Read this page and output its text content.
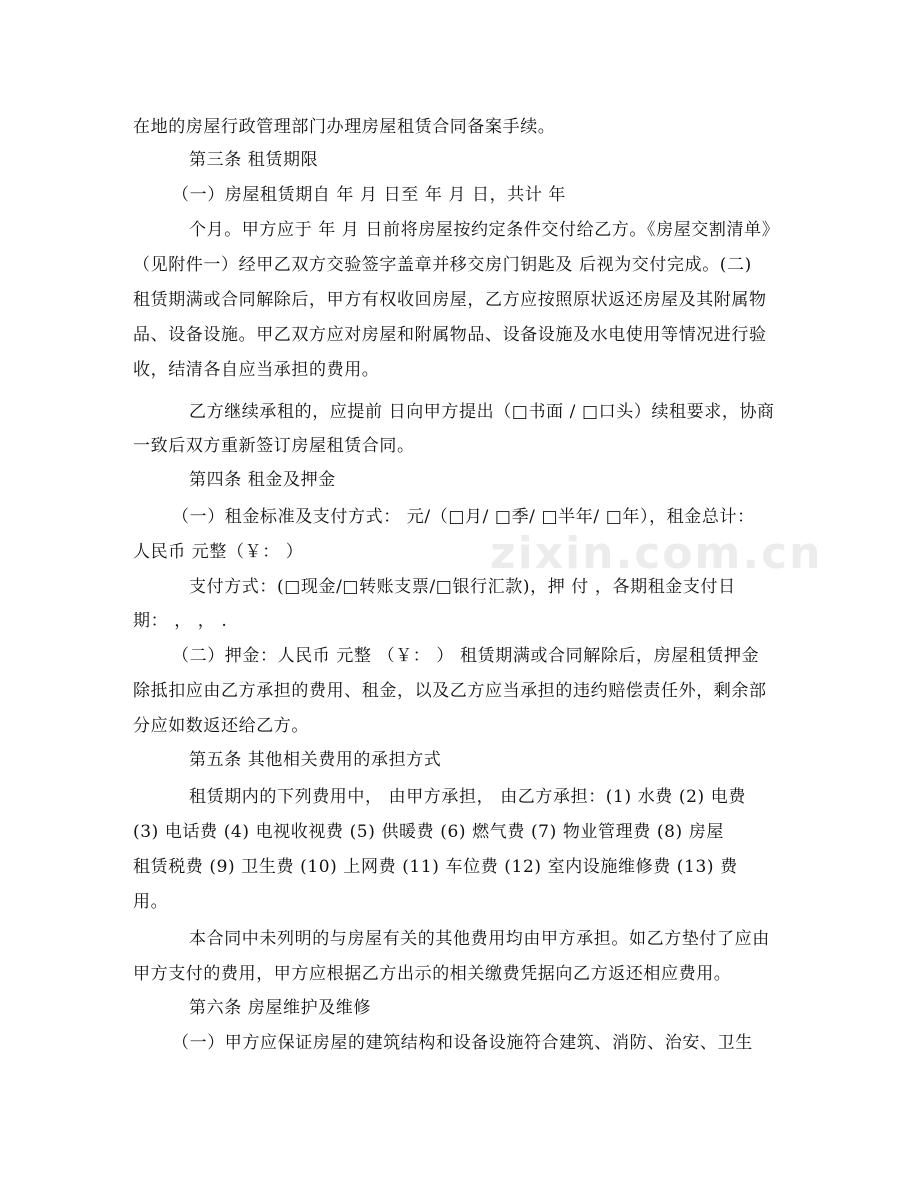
在地的房屋行政管理部门办理房屋租赁合同备案手续。
第三条 租赁期限
（一）房屋租赁期自 年 月 日至 年 月 日，共计 年
个月。甲方应于 年 月 日前将房屋按约定条件交付给乙方。《房屋交割清单》
（见附件一）经甲乙双方交验签字盖章并移交房门钥匙及 后视为交付完成。(二)
租赁期满或合同解除后，甲方有权收回房屋，乙方应按照原状返还房屋及其附属物
品、设备设施。甲乙双方应对房屋和附属物品、设备设施及水电使用等情况进行验
收，结清各自应当承担的费用。
乙方继续承租的，应提前 日向甲方提出（□书面 / □口头）续租要求，协商
一致后双方重新签订房屋租赁合同。
第四条 租金及押金
（一）租金标准及支付方式： 元/（□月/ □季/ □半年/ □年），租金总计：
人民币 元整（￥： ）
支付方式：(□现金/□转账支票/□银行汇款)，押 付 ，各期租金支付日
期： ， ， .
（二）押金：人民币 元整 （￥： ） 租赁期满或合同解除后，房屋租赁押金
除抵扣应由乙方承担的费用、租金，以及乙方应当承担的违约赔偿责任外，剩余部
分应如数返还给乙方。
第五条 其他相关费用的承担方式
租赁期内的下列费用中， 由甲方承担， 由乙方承担：(1) 水费 (2) 电费
(3) 电话费 (4) 电视收视费 (5) 供暖费 (6) 燃气费 (7) 物业管理费 (8) 房屋
租赁税费 (9) 卫生费 (10) 上网费 (11) 车位费 (12) 室内设施维修费 (13) 费
用。
本合同中未列明的与房屋有关的其他费用均由甲方承担。如乙方垫付了应由
甲方支付的费用，甲方应根据乙方出示的相关缴费凭据向乙方返还相应费用。
第六条 房屋维护及维修
（一）甲方应保证房屋的建筑结构和设备设施符合建筑、消防、治安、卫生
zixin.com.cn
